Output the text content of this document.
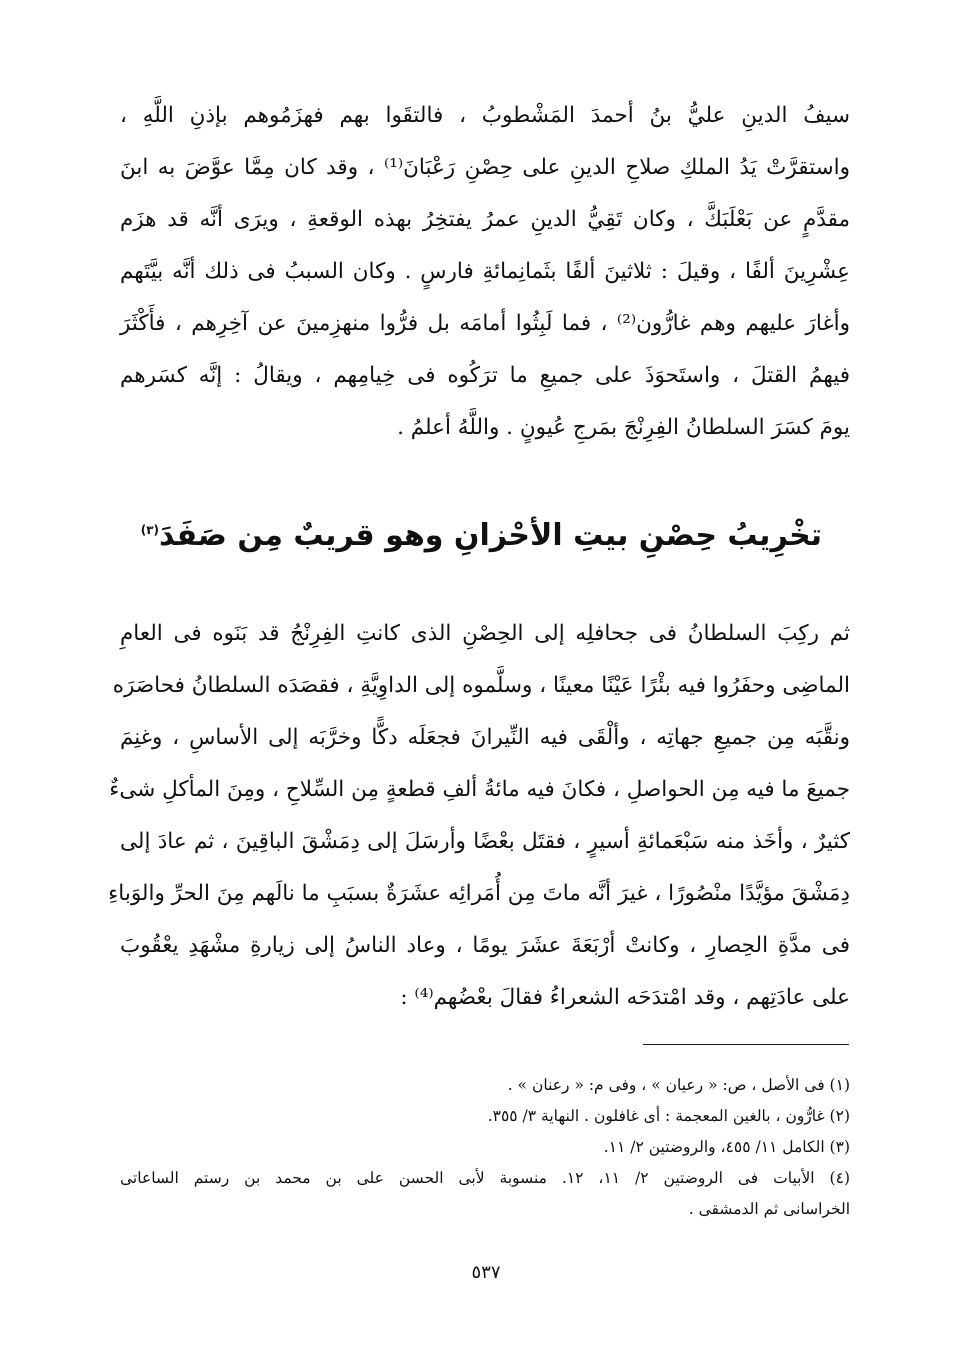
سيفُ الدينِ عليُّ بنُ أحمدَ المَشْطوبُ ، فالتقَوا بهم فهزَمُوهم بإذنِ اللَّهِ ،
واستقرَّتْ يَدُ الملكِ صلاحِ الدينِ على حِصْنِ رَعْبَانَ⁽¹⁾ ، وقد كان مِمَّا عوَّضَ به ابنَ
مقدَّمٍ عن بَعْلَبَكَّ ، وكان تَقِيُّ الدينِ عمرُ يفتخِرُ بهذه الوقعةِ ، ويرَى أنَّه قد هزَم
عِشْرِينَ ألفًا ، وقيلَ : ثلاثينَ ألفًا بثَمانِمائةِ فارسٍ . وكان السببُ فى ذلك أنَّه بيَّتَهم
وأغارَ عليهم وهم غارُّون⁽²⁾ ، فما لَبِثُوا أمامَه بل فرُّوا منهزِمينَ عن آخِرِهم ، فأَكْثَرَ
فيهمُ القتلَ ، واستَحوَذَ على جميعِ ما ترَكُوه فى خِيامِهم ، ويقالُ : إنَّه كسَرهم
يومَ كسَرَ السلطانُ الفِرِنْجَ بمَرجِ عُيونٍ . واللَّهُ أعلمُ .
تخْرِيبُ حِصْنِ بيتِ الأحْزانِ وهو قريبٌ مِن صَفَدَ$^{(٣)}$
ثم ركِبَ السلطانُ فى جحافلِه إلى الحِصْنِ الذى كانتِ الفِرِنْجُ قد بَنَوه فى العامِ
الماضِى وحفَرُوا فيه بئْرًا عَيْنًا معينًا ، وسلَّموه إلى الداوِيَّةِ ، فقصَدَه السلطانُ فحاصَرَه
ونقَّبَه مِن جميعِ جهاتِه ، وألْقَى فيه النِّيرانَ فجعَلَه دكًّا وخرَّبَه إلى الأساسِ ، وغنِمَ
جميعَ ما فيه مِن الحواصلِ ، فكانَ فيه مائةُ ألفِ قطعةٍ مِن السِّلاحِ ، ومِنَ المأكلِ شىءٌ
كثيرٌ ، وأخَذ منه سَبْعَمائةِ أسيرٍ ، فقتَل بعْضًا وأرسَلَ إلى دِمَشْقَ الباقِينَ ، ثم عادَ إلى
دِمَشْقَ مؤيَّدًا منْصُورًا ، غيرَ أنَّه ماتَ مِن أُمَرائِه عشَرَةٌ بسبَبِ ما نالَهم مِنَ الحرِّ والوَباءِ
فى مدَّةِ الحِصارِ ، وكانتْ أرْبَعَةَ عشَرَ يومًا ، وعاد الناسُ إلى زيارةِ مشْهَدِ يعْقُوبَ
على عادَتِهم ، وقد امْتدَحَه الشعراءُ فقالَ بعْضُهم⁽⁴⁾ :
(١) فى الأصل ، ص: « رعيان » ، وفى م: « رعنان » .
(٢) غارُّون ، بالغين المعجمة : أى غافلون . النهاية ٣/ ٣٥٥.
(٣) الكامل ١١/ ٤٥٥، والروضتين ٢/ ١١.
(٤) الأبيات فى الروضتين ٢/ ١١، ١٢. منسوبة لأبى الحسن على بن محمد بن رستم الساعاتى
الخراسانى ثم الدمشقى .
٥٣٧
